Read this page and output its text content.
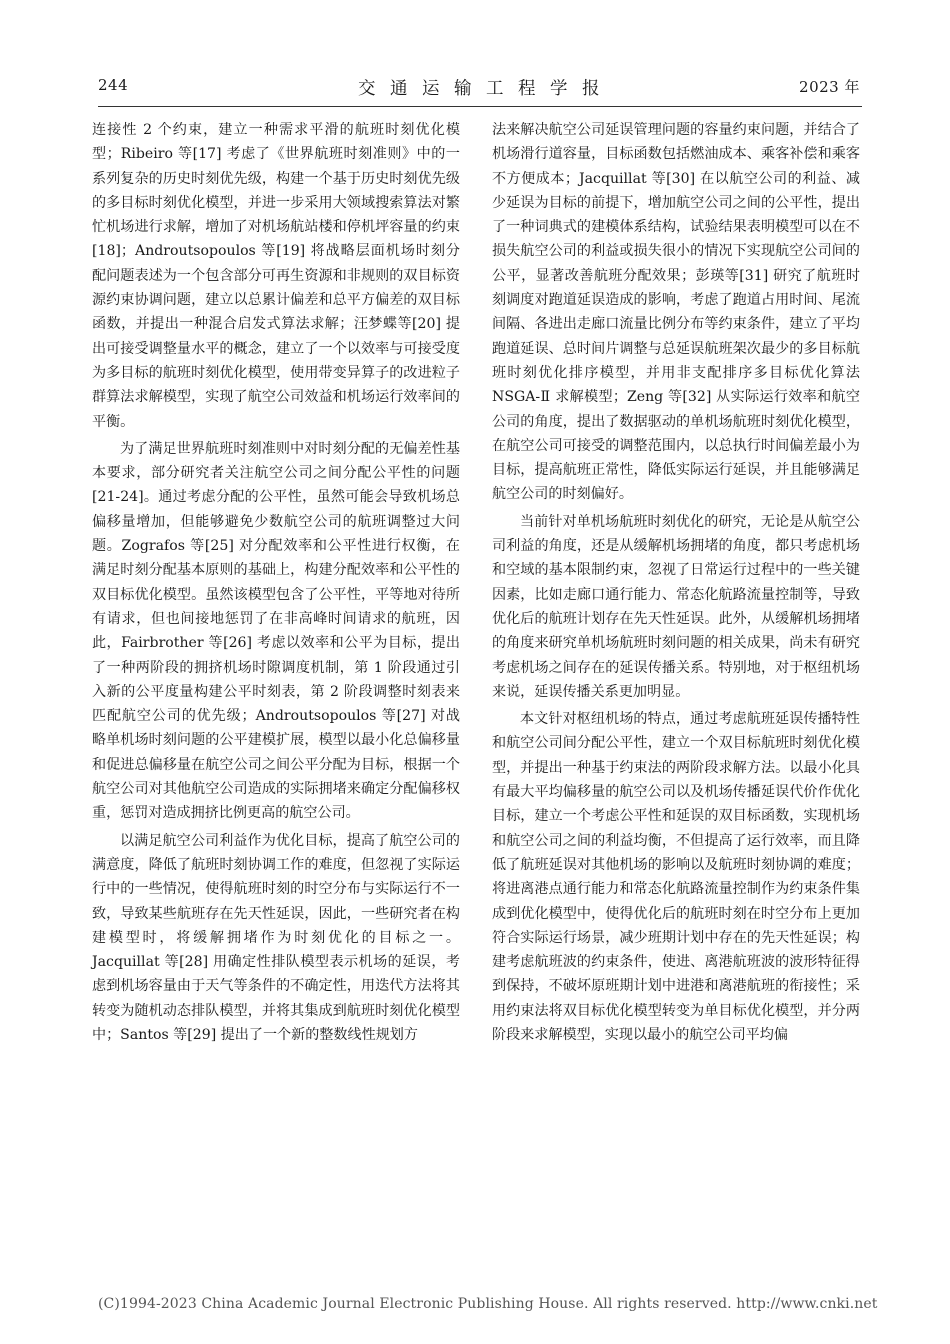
244	交通运输工程学报	2023 年

连接性 2 个约束，建立一种需求平滑的航班时刻优化模型；Ribeiro 等[17] 考虑了《世界航班时刻准则》中的一系列复杂的历史时刻优先级，构建一个基于历史时刻优先级的多目标时刻优化模型，并进一步采用大领域搜索算法对繁忙机场进行求解，增加了对机场航站楼和停机坪容量的约束[18]；Androutsopoulos 等[19] 将战略层面机场时刻分配问题表述为一个包含部分可再生资源和非规则的双目标资源约束协调问题，建立以总累计偏差和总平方偏差的双目标函数，并提出一种混合启发式算法求解；汪梦蝶等[20] 提出可接受调整量水平的概念，建立了一个以效率与可接受度为多目标的航班时刻优化模型，使用带变异算子的改进粒子群算法求解模型，实现了航空公司效益和机场运行效率间的平衡。

为了满足世界航班时刻准则中对时刻分配的无偏差性基本要求，部分研究者关注航空公司之间分配公平性的问题[21-24]。通过考虑分配的公平性，虽然可能会导致机场总偏移量增加，但能够避免少数航空公司的航班调整过大问题。Zografos 等[25] 对分配效率和公平性进行权衡，在满足时刻分配基本原则的基础上，构建分配效率和公平性的双目标优化模型。虽然该模型包含了公平性，平等地对待所有请求，但也间接地惩罚了在非高峰时间请求的航班，因此，Fairbrother 等[26] 考虑以效率和公平为目标，提出了一种两阶段的拥挤机场时隙调度机制，第 1 阶段通过引入新的公平度量构建公平时刻表，第 2 阶段调整时刻表来匹配航空公司的优先级；Androutsopoulos 等[27] 对战略单机场时刻问题的公平建模扩展，模型以最小化总偏移量和促进总偏移量在航空公司之间公平分配为目标，根据一个航空公司对其他航空公司造成的实际拥堵来确定分配偏移权重，惩罚对造成拥挤比例更高的航空公司。

以满足航空公司利益作为优化目标，提高了航空公司的满意度，降低了航班时刻协调工作的难度，但忽视了实际运行中的一些情况，使得航班时刻的时空分布与实际运行不一致，导致某些航班存在先天性延误，因此，一些研究者在构建模型时，将缓解拥堵作为时刻优化的目标之一。Jacquillat 等[28] 用确定性排队模型表示机场的延误，考虑到机场容量由于天气等条件的不确定性，用迭代方法将其转变为随机动态排队模型，并将其集成到航班时刻优化模型中；Santos 等[29] 提出了一个新的整数线性规划方

法来解决航空公司延误管理问题的容量约束问题，并结合了机场滑行道容量，目标函数包括燃油成本、乘客补偿和乘客不方便成本；Jacquillat 等[30] 在以航空公司的利益、减少延误为目标的前提下，增加航空公司之间的公平性，提出了一种词典式的建模体系结构，试验结果表明模型可以在不损失航空公司的利益或损失很小的情况下实现航空公司间的公平，显著改善航班分配效果；彭瑛等[31] 研究了航班时刻调度对跑道延误造成的影响，考虑了跑道占用时间、尾流间隔、各进出走廊口流量比例分布等约束条件，建立了平均跑道延误、总时间片调整与总延误航班架次最少的多目标航班时刻优化排序模型，并用非支配排序多目标优化算法 NSGA-Ⅱ 求解模型；Zeng 等[32] 从实际运行效率和航空公司的角度，提出了数据驱动的单机场航班时刻优化模型，在航空公司可接受的调整范围内，以总执行时间偏差最小为目标，提高航班正常性，降低实际运行延误，并且能够满足航空公司的时刻偏好。

当前针对单机场航班时刻优化的研究，无论是从航空公司利益的角度，还是从缓解机场拥堵的角度，都只考虑机场和空域的基本限制约束，忽视了日常运行过程中的一些关键因素，比如走廊口通行能力、常态化航路流量控制等，导致优化后的航班计划存在先天性延误。此外，从缓解机场拥堵的角度来研究单机场航班时刻问题的相关成果，尚未有研究考虑机场之间存在的延误传播关系。特别地，对于枢纽机场来说，延误传播关系更加明显。

本文针对枢纽机场的特点，通过考虑航班延误传播特性和航空公司间分配公平性，建立一个双目标航班时刻优化模型，并提出一种基于约束法的两阶段求解方法。以最小化具有最大平均偏移量的航空公司以及机场传播延误代价作优化目标，建立一个考虑公平性和延误的双目标函数，实现机场和航空公司之间的利益均衡，不但提高了运行效率，而且降低了航班延误对其他机场的影响以及航班时刻协调的难度；将进离港点通行能力和常态化航路流量控制作为约束条件集成到优化模型中，使得优化后的航班时刻在时空分布上更加符合实际运行场景，减少班期计划中存在的先天性延误；构建考虑航班波的约束条件，使进、离港航班波的波形特征得到保持，不破坏原班期计划中进港和离港航班的衔接性；采用约束法将双目标优化模型转变为单目标优化模型，并分两阶段来求解模型，实现以最小的航空公司平均偏

(C)1994-2023 China Academic Journal Electronic Publishing House. All rights reserved. http://www.cnki.net
